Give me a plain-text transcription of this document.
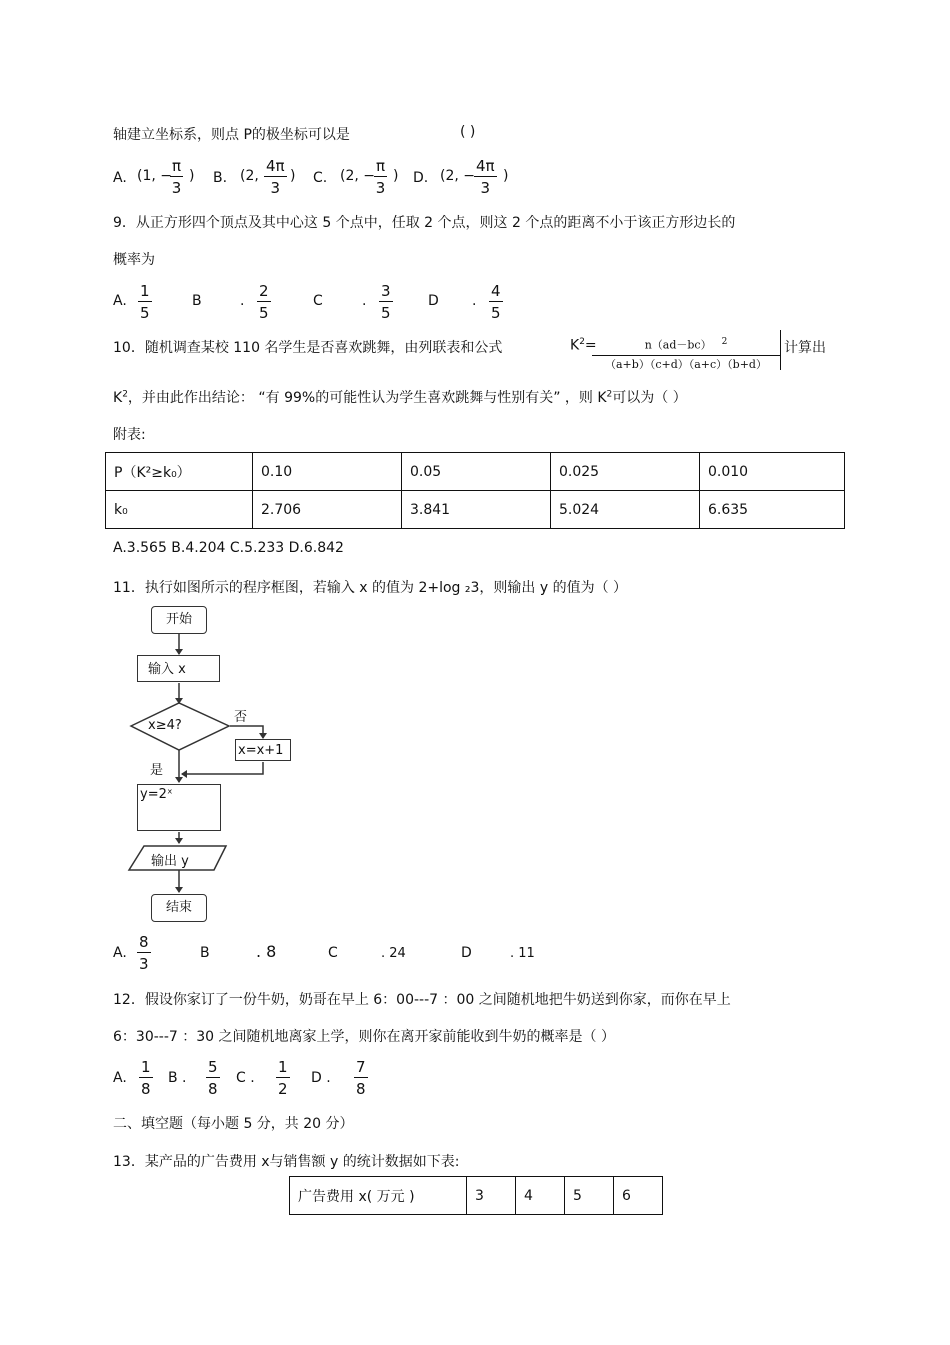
轴建立坐标系，则点 P的极坐标可以是	( )
A. (1, −
$\frac{\pi}{3}$ ) B. (2, $\frac{4\pi}{3}$ ) C. (2, − $\frac{\pi}{3}$ ) D. (2, − $\frac{4\pi}{3}$ )
9．从正方形四个顶点及其中心这 5 个点中，任取 2 个点，则这 2 个点的距离不小于该正方形边长的
概率为
A. $\frac{1}{5}$	B	. $\frac{2}{5}$	C	. $\frac{3}{5}$	D . $\frac{4}{5}$
10．随机调查某校 110 名学生是否喜欢跳舞，由列联表和公式	$K^2=$	n（ad－bc） $^2$
（a+b）（c+d）（a+c）（b+d）
计算出
$K^2$，并由此作出结论： “有 99%的可能性认为学生喜欢跳舞与性别有关” ，则 $K^2$可以为（ ）
附表:
P（K²≥k₀）	0.10	0.05	0.025	0.010
k₀	2.706	3.841	5.024	6.635
A.3.565 B.4.204 C.5.233 D.6.842
11．执行如图所示的程序框图，若输入 x 的值为 2+log ₂3，则输出 y 的值为（ ）
开始
输入 x
x≥4?
否
x=x+1
是
y=2ˣ
输出 y
结束
A. $\frac{8}{3}$	B	. 8	C	. 24	D	. 11
12．假设你家订了一份牛奶，奶哥在早上 6：00---7 ：00 之间随机地把牛奶送到你家，而你在早上
6：30---7 ：30 之间随机地离家上学，则你在离开家前能收到牛奶的概率是（ ）
A. $\frac{1}{8}$ B . $\frac{5}{8}$ C . $\frac{1}{2}$ D . $\frac{7}{8}$
二、填空题（每小题 5 分，共 20 分）
13．某产品的广告费用 x与销售额 y 的统计数据如下表:
广告费用 x( 万元 )	3	4	5	6
